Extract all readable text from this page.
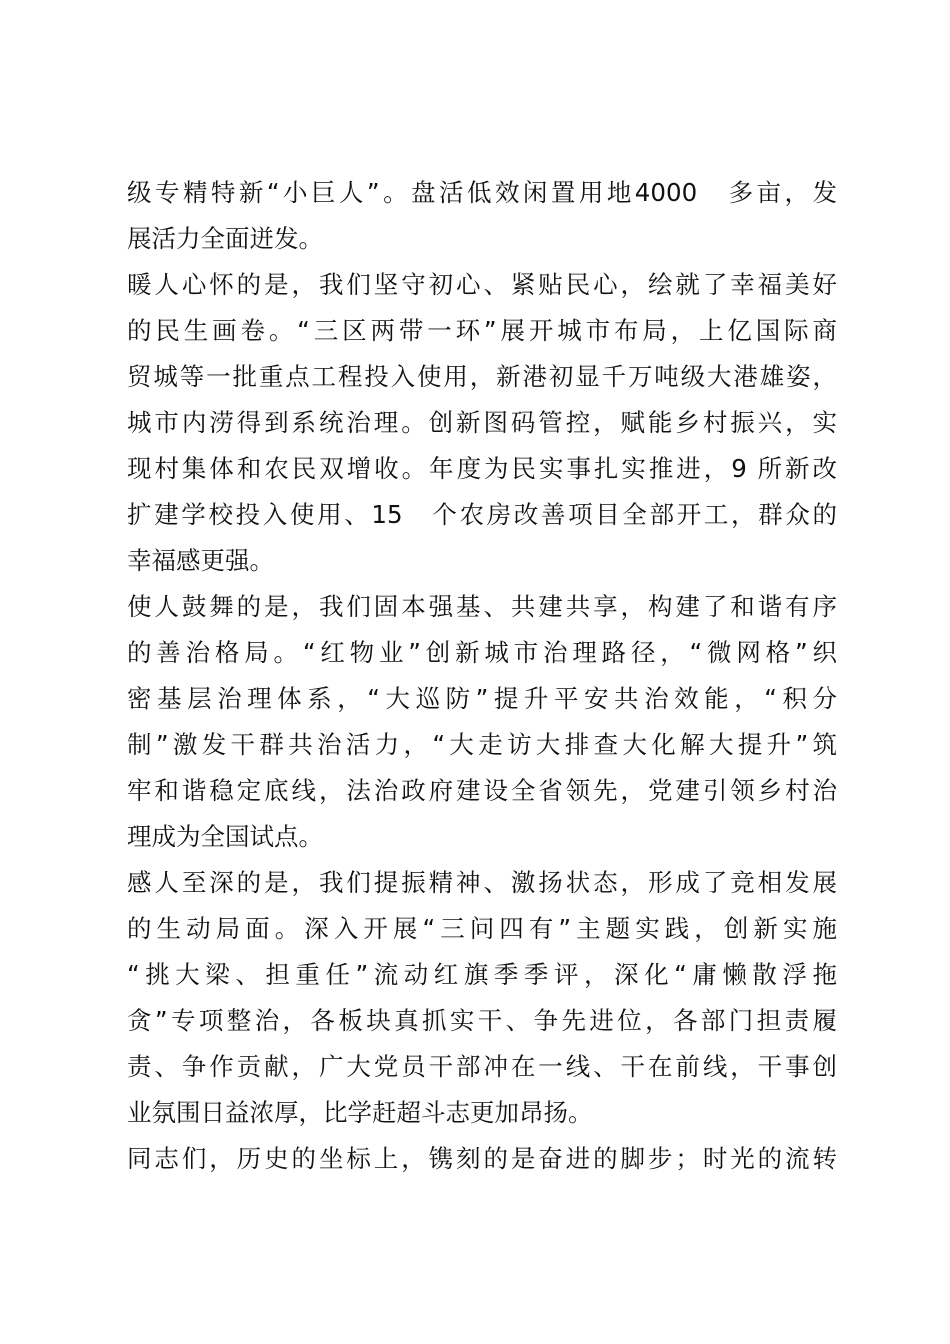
级专精特新“小巨人”。盘活低效闲置用地4000　多亩，发
展活力全面迸发。
暖人心怀的是，我们坚守初心、紧贴民心，绘就了幸福美好
的民生画卷。“三区两带一环”展开城市布局，上亿国际商
贸城等一批重点工程投入使用，新港初显千万吨级大港雄姿，
城市内涝得到系统治理。创新图码管控，赋能乡村振兴，实
现村集体和农民双增收。年度为民实事扎实推进，9 所新改
扩建学校投入使用、15　个农房改善项目全部开工，群众的
幸福感更强。
使人鼓舞的是，我们固本强基、共建共享，构建了和谐有序
的善治格局。“红物业”创新城市治理路径，“微网格”织
密基层治理体系，“大巡防”提升平安共治效能，“积分
制”激发干群共治活力，“大走访大排查大化解大提升”筑
牢和谐稳定底线，法治政府建设全省领先，党建引领乡村治
理成为全国试点。
感人至深的是，我们提振精神、激扬状态，形成了竞相发展
的生动局面。深入开展“三问四有”主题实践，创新实施
“挑大梁、担重任”流动红旗季季评，深化“庸懒散浮拖
贪”专项整治，各板块真抓实干、争先进位，各部门担责履
责、争作贡献，广大党员干部冲在一线、干在前线，干事创
业氛围日益浓厚，比学赶超斗志更加昂扬。
同志们，历史的坐标上，镌刻的是奋进的脚步；时光的流转
